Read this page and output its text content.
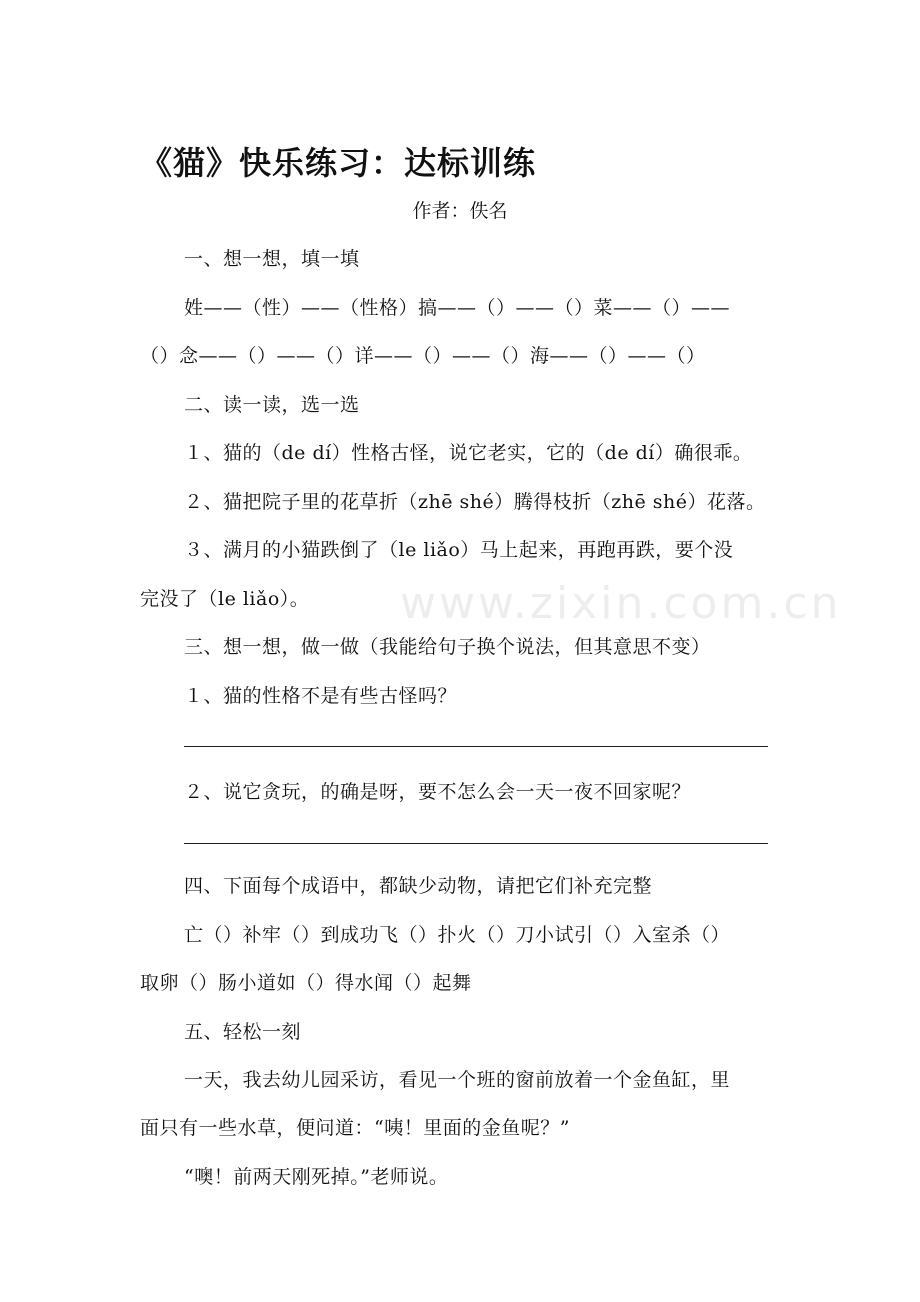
www.zixin.com.cn
《猫》快乐练习：达标训练
作者：佚名
一、想一想，填一填
姓——（性）——（性格）搞——（）——（）菜——（）——
（）念——（）——（）详——（）——（）海——（）——（）
二、读一读，选一选
１、猫的（de dí）性格古怪，说它老实，它的（de dí）确很乖。
２、猫把院子里的花草折（zhē shé）腾得枝折（zhē shé）花落。
３、满月的小猫跌倒了（le liǎo）马上起来，再跑再跌，要个没
完没了（le liǎo）。
三、想一想，做一做（我能给句子换个说法，但其意思不变）
１、猫的性格不是有些古怪吗？
２、说它贪玩，的确是呀，要不怎么会一天一夜不回家呢？
四、下面每个成语中，都缺少动物，请把它们补充完整
亡（）补牢（）到成功飞（）扑火（）刀小试引（）入室杀（）
取卵（）肠小道如（）得水闻（）起舞
五、轻松一刻
一天，我去幼儿园采访，看见一个班的窗前放着一个金鱼缸，里
面只有一些水草，便问道：“咦！里面的金鱼呢？”
“噢！前两天刚死掉。”老师说。
